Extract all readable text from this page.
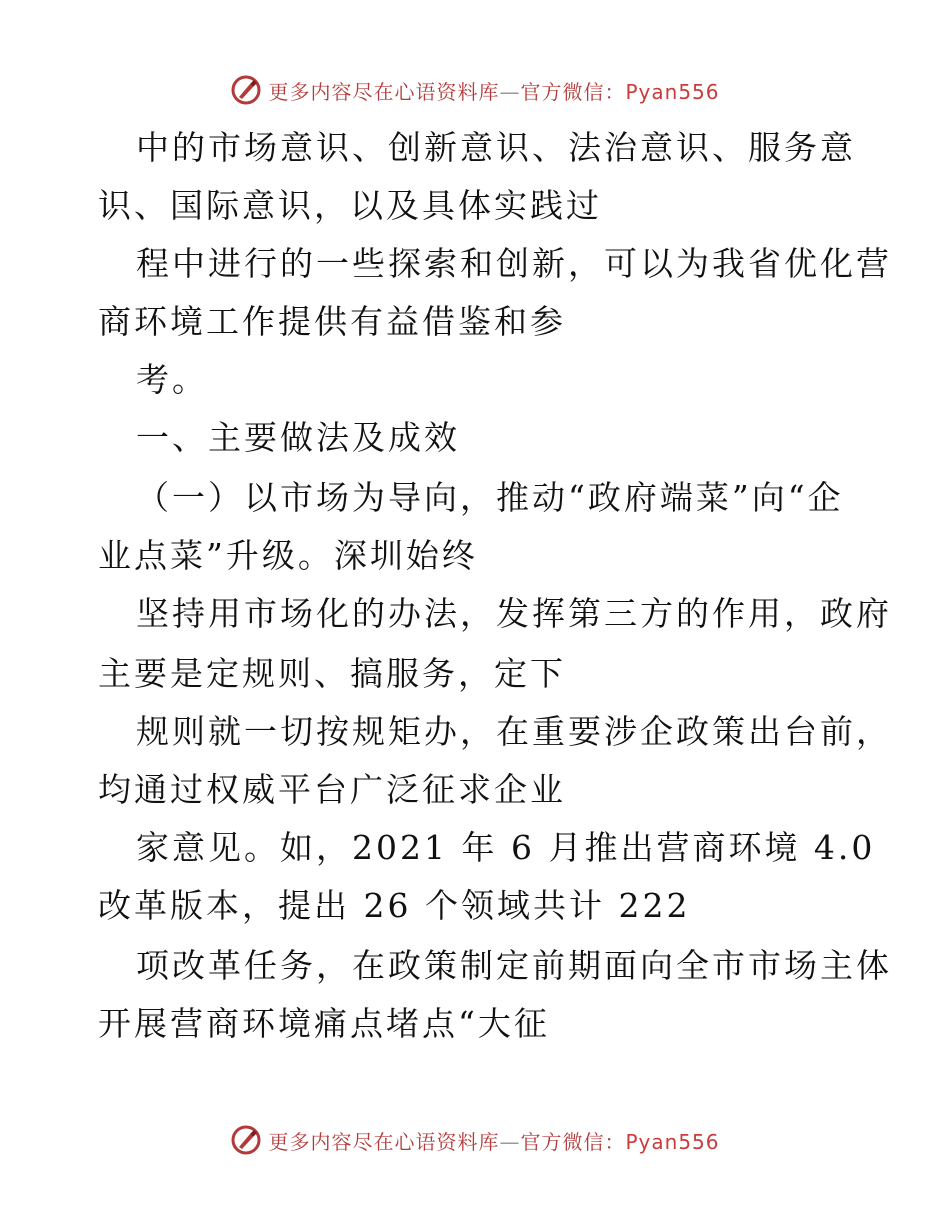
更多内容尽在心语资料库—官方微信：Pyan556
中的市场意识、创新意识、法治意识、服务意
识、国际意识，以及具体实践过
程中进行的一些探索和创新，可以为我省优化营
商环境工作提供有益借鉴和参
考。
一、主要做法及成效
（一）以市场为导向，推动“政府端菜”向“企
业点菜”升级。深圳始终
坚持用市场化的办法，发挥第三方的作用，政府
主要是定规则、搞服务，定下
规则就一切按规矩办，在重要涉企政策出台前，
均通过权威平台广泛征求企业
家意见。如，2021 年 6 月推出营商环境 4.0
改革版本，提出 26 个领域共计 222
项改革任务，在政策制定前期面向全市市场主体
开展营商环境痛点堵点“大征
更多内容尽在心语资料库—官方微信：Pyan556
